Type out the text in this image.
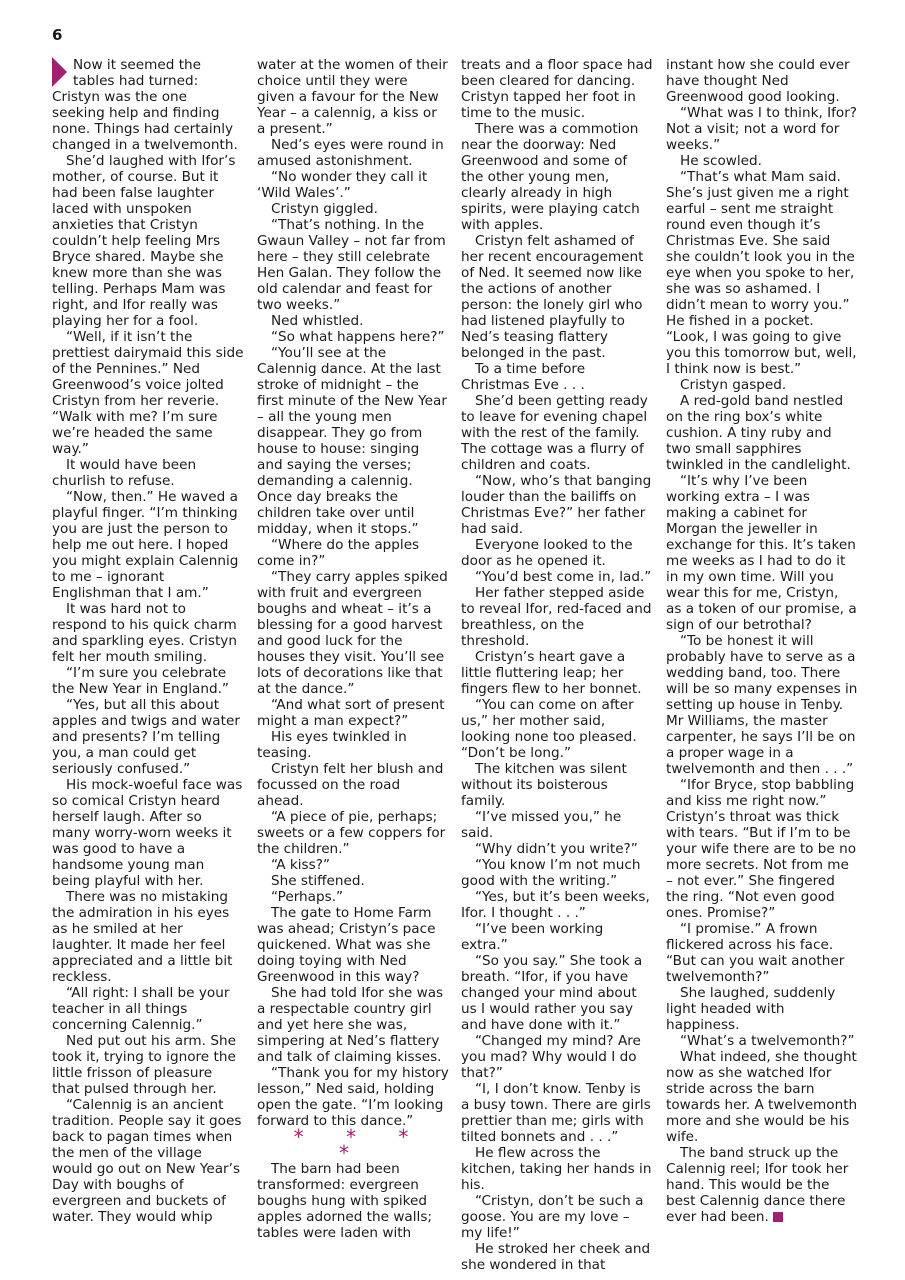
6

Now it seemed the tables had turned: Cristyn was the one seeking help and finding none. Things had certainly changed in a twelvemonth.

She’d laughed with Ifor’s mother, of course. But it had been false laughter laced with unspoken anxieties that Cristyn couldn’t help feeling Mrs Bryce shared. Maybe she knew more than she was telling. Perhaps Mam was right, and Ifor really was playing her for a fool.

“Well, if it isn’t the prettiest dairymaid this side of the Pennines.” Ned Greenwood’s voice jolted Cristyn from her reverie. “Walk with me? I’m sure we’re headed the same way.”

It would have been churlish to refuse.

“Now, then.” He waved a playful finger. “I’m thinking you are just the person to help me out here. I hoped you might explain Calennig to me – ignorant Englishman that I am.”

It was hard not to respond to his quick charm and sparkling eyes. Cristyn felt her mouth smiling.

“I’m sure you celebrate the New Year in England.”

“Yes, but all this about apples and twigs and water and presents? I’m telling you, a man could get seriously confused.”

His mock-woeful face was so comical Cristyn heard herself laugh. After so many worry-worn weeks it was good to have a handsome young man being playful with her.

There was no mistaking the admiration in his eyes as he smiled at her laughter. It made her feel appreciated and a little bit reckless.

“All right: I shall be your teacher in all things concerning Calennig.”

Ned put out his arm. She took it, trying to ignore the little frisson of pleasure that pulsed through her.

“Calennig is an ancient tradition. People say it goes back to pagan times when the men of the village would go out on New Year’s Day with boughs of evergreen and buckets of water. They would whip

water at the women of their choice until they were given a favour for the New Year – a calennig, a kiss or a present.”

Ned’s eyes were round in amused astonishment.

“No wonder they call it ‘Wild Wales’.”

Cristyn giggled.

“That’s nothing. In the Gwaun Valley – not far from here – they still celebrate Hen Galan. They follow the old calendar and feast for two weeks.”

Ned whistled.

“So what happens here?”

“You’ll see at the Calennig dance. At the last stroke of midnight – the first minute of the New Year – all the young men disappear. They go from house to house: singing and saying the verses; demanding a calennig. Once day breaks the children take over until midday, when it stops.”

“Where do the apples come in?”

“They carry apples spiked with fruit and evergreen boughs and wheat – it’s a blessing for a good harvest and good luck for the houses they visit. You’ll see lots of decorations like that at the dance.”

“And what sort of present might a man expect?”

His eyes twinkled in teasing.

Cristyn felt her blush and focussed on the road ahead.

“A piece of pie, perhaps; sweets or a few coppers for the children.”

“A kiss?”

She stiffened.

“Perhaps.”

The gate to Home Farm was ahead; Cristyn’s pace quickened. What was she doing toying with Ned Greenwood in this way?

She had told Ifor she was a respectable country girl and yet here she was, simpering at Ned’s flattery and talk of claiming kisses.

“Thank you for my history lesson,” Ned said, holding open the gate. “I’m looking forward to this dance.”

* * * *

The barn had been transformed: evergreen boughs hung with spiked apples adorned the walls; tables were laden with

treats and a floor space had been cleared for dancing. Cristyn tapped her foot in time to the music.

There was a commotion near the doorway: Ned Greenwood and some of the other young men, clearly already in high spirits, were playing catch with apples.

Cristyn felt ashamed of her recent encouragement of Ned. It seemed now like the actions of another person: the lonely girl who had listened playfully to Ned’s teasing flattery belonged in the past.

To a time before Christmas Eve . . .

She’d been getting ready to leave for evening chapel with the rest of the family. The cottage was a flurry of children and coats.

“Now, who’s that banging louder than the bailiffs on Christmas Eve?” her father had said.

Everyone looked to the door as he opened it.

“You’d best come in, lad.”

Her father stepped aside to reveal Ifor, red-faced and breathless, on the threshold.

Cristyn’s heart gave a little fluttering leap; her fingers flew to her bonnet.

“You can come on after us,” her mother said, looking none too pleased. “Don’t be long.”

The kitchen was silent without its boisterous family.

“I’ve missed you,” he said.

“Why didn’t you write?”

“You know I’m not much good with the writing.”

“Yes, but it’s been weeks, Ifor. I thought . . .”

“I’ve been working extra.”

“So you say.” She took a breath. “Ifor, if you have changed your mind about us I would rather you say and have done with it.”

“Changed my mind? Are you mad? Why would I do that?”

“I, I don’t know. Tenby is a busy town. There are girls prettier than me; girls with tilted bonnets and . . .”

He flew across the kitchen, taking her hands in his.

“Cristyn, don’t be such a goose. You are my love – my life!”

He stroked her cheek and she wondered in that

instant how she could ever have thought Ned Greenwood good looking.

“What was I to think, Ifor? Not a visit; not a word for weeks.”

He scowled.

“That’s what Mam said. She’s just given me a right earful – sent me straight round even though it’s Christmas Eve. She said she couldn’t look you in the eye when you spoke to her, she was so ashamed. I didn’t mean to worry you.” He fished in a pocket. “Look, I was going to give you this tomorrow but, well, I think now is best.”

Cristyn gasped.

A red-gold band nestled on the ring box’s white cushion. A tiny ruby and two small sapphires twinkled in the candlelight.

“It’s why I’ve been working extra – I was making a cabinet for Morgan the jeweller in exchange for this. It’s taken me weeks as I had to do it in my own time. Will you wear this for me, Cristyn, as a token of our promise, a sign of our betrothal?

“To be honest it will probably have to serve as a wedding band, too. There will be so many expenses in setting up house in Tenby. Mr Williams, the master carpenter, he says I’ll be on a proper wage in a twelvemonth and then . . .”

“Ifor Bryce, stop babbling and kiss me right now.” Cristyn’s throat was thick with tears. “But if I’m to be your wife there are to be no more secrets. Not from me – not ever.” She fingered the ring. “Not even good ones. Promise?”

“I promise.” A frown flickered across his face. “But can you wait another twelvemonth?”

She laughed, suddenly light headed with happiness.

“What’s a twelvemonth?”

What indeed, she thought now as she watched Ifor stride across the barn towards her. A twelvemonth more and she would be his wife.

The band struck up the Calennig reel; Ifor took her hand. This would be the best Calennig dance there ever had been.
